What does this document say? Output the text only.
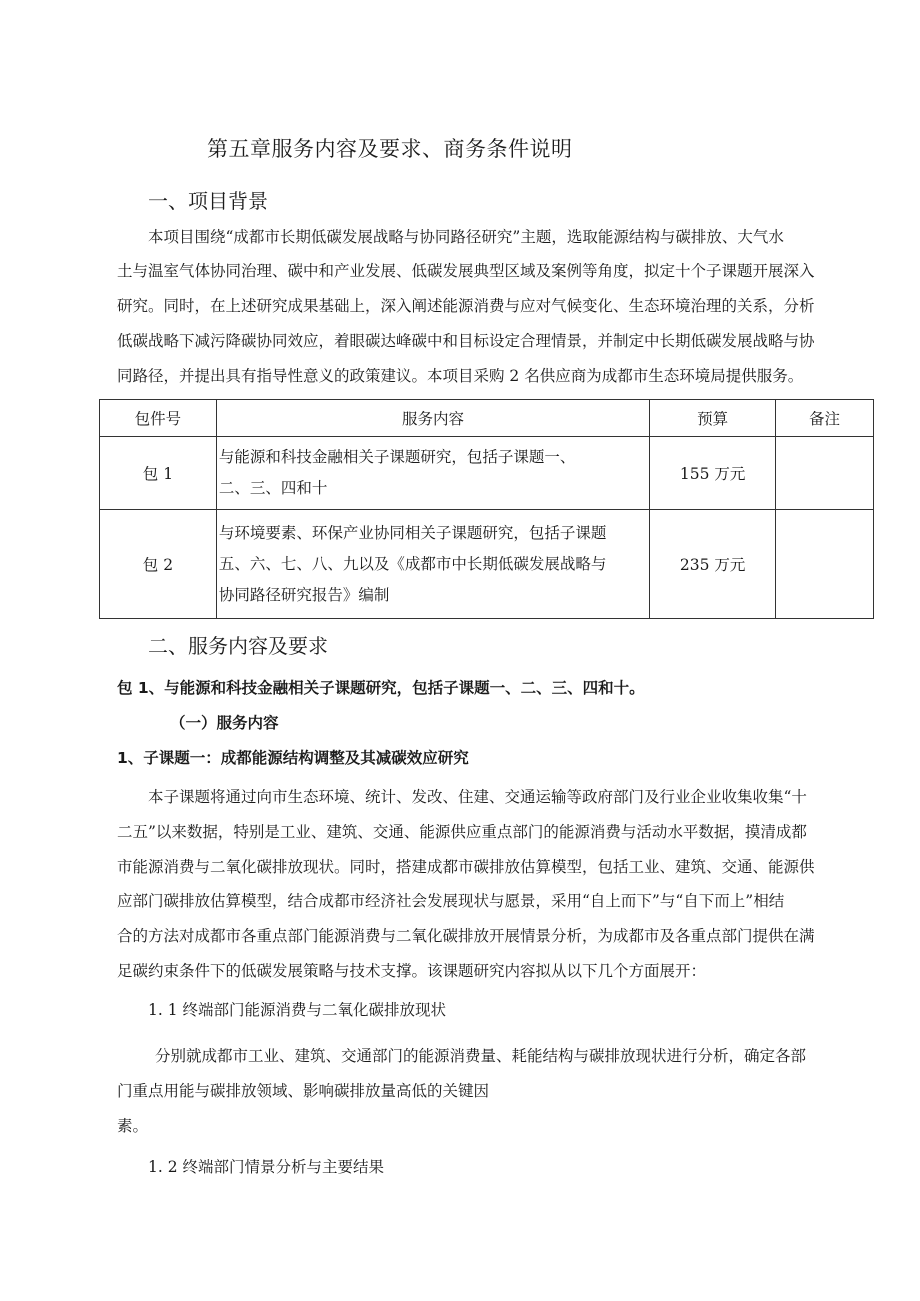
第五章服务内容及要求、商务条件说明
一、项目背景
本项目围绕“成都市长期低碳发展战略与协同路径研究”主题，选取能源结构与碳排放、大气水
土与温室气体协同治理、碳中和产业发展、低碳发展典型区域及案例等角度，拟定十个子课题开展深入
研究。同时，在上述研究成果基础上，深入阐述能源消费与应对气候变化、生态环境治理的关系，分析
低碳战略下减污降碳协同效应，着眼碳达峰碳中和目标设定合理情景，并制定中长期低碳发展战略与协
同路径，并提出具有指导性意义的政策建议。本项目采购 2 名供应商为成都市生态环境局提供服务。
包件号	服务内容	预算	备注
包 1	与能源和科技金融相关子课题研究，包括子课题一、
二、三、四和十	155 万元	
包 2	与环境要素、环保产业协同相关子课题研究，包括子课题
五、六、七、八、九以及《成都市中长期低碳发展战略与
协同路径研究报告》编制	235 万元	
二、服务内容及要求
包 1、与能源和科技金融相关子课题研究，包括子课题一、二、三、四和十。
（一）服务内容
1、子课题一：成都能源结构调整及其减碳效应研究
本子课题将通过向市生态环境、统计、发改、住建、交通运输等政府部门及行业企业收集收集“十
二五”以来数据，特别是工业、建筑、交通、能源供应重点部门的能源消费与活动水平数据，摸清成都
市能源消费与二氧化碳排放现状。同时，搭建成都市碳排放估算模型，包括工业、建筑、交通、能源供
应部门碳排放估算模型，结合成都市经济社会发展现状与愿景，采用“自上而下”与“自下而上”相结
合的方法对成都市各重点部门能源消费与二氧化碳排放开展情景分析，为成都市及各重点部门提供在满
足碳约束条件下的低碳发展策略与技术支撑。该课题研究内容拟从以下几个方面展开：
1. 1 终端部门能源消费与二氧化碳排放现状
分别就成都市工业、建筑、交通部门的能源消费量、耗能结构与碳排放现状进行分析，确定各部
门重点用能与碳排放领域、影响碳排放量高低的关键因
素。
1. 2 终端部门情景分析与主要结果
